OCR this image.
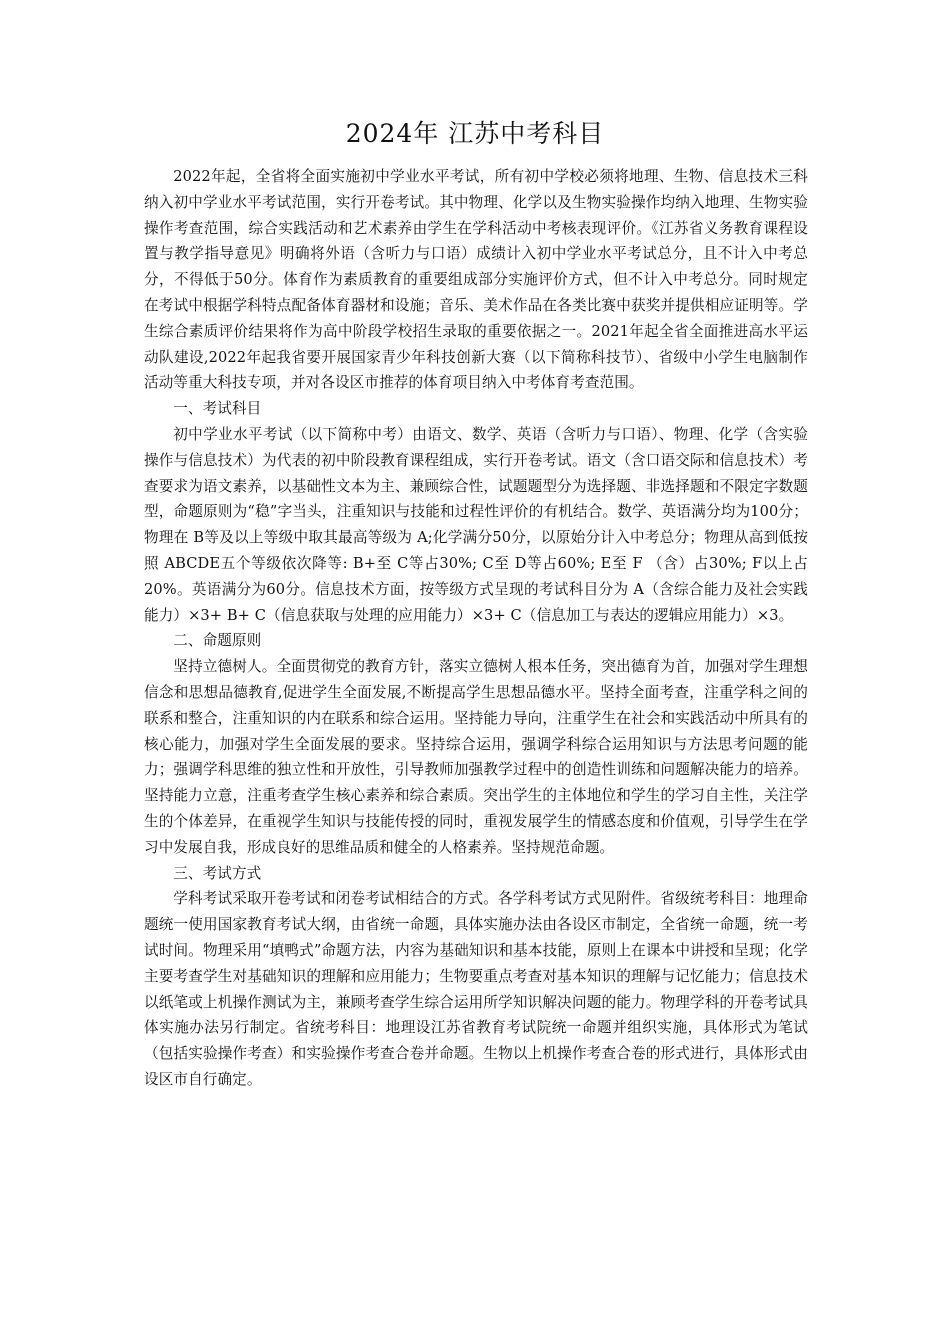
2024年 江苏中考科目

2022年起，全省将全面实施初中学业水平考试，所有初中学校必须将地理、生物、信息技术三科纳入初中学业水平考试范围，实行开卷考试。其中物理、化学以及生物实验操作均纳入地理、生物实验操作考查范围，综合实践活动和艺术素养由学生在学科活动中考核表现评价。《江苏省义务教育课程设置与教学指导意见》明确将外语（含听力与口语）成绩计入初中学业水平考试总分，且不计入中考总分，不得低于50分。体育作为素质教育的重要组成部分实施评价方式，但不计入中考总分。同时规定在考试中根据学科特点配备体育器材和设施；音乐、美术作品在各类比赛中获奖并提供相应证明等。学生综合素质评价结果将作为高中阶段学校招生录取的重要依据之一。2021年起全省全面推进高水平运动队建设,2022年起我省要开展国家青少年科技创新大赛（以下简称科技节）、省级中小学生电脑制作活动等重大科技专项，并对各设区市推荐的体育项目纳入中考体育考查范围。

一、考试科目

初中学业水平考试（以下简称中考）由语文、数学、英语（含听力与口语）、物理、化学（含实验操作与信息技术）为代表的初中阶段教育课程组成，实行开卷考试。语文（含口语交际和信息技术）考查要求为语文素养，以基础性文本为主、兼顾综合性，试题题型分为选择题、非选择题和不限定字数题型，命题原则为“稳”字当头，注重知识与技能和过程性评价的有机结合。数学、英语满分均为100分；物理在 B等及以上等级中取其最高等级为 A;化学满分50分，以原始分计入中考总分；物理从高到低按照 ABCDE五个等级依次降等: B+至 C等占30%; C至 D等占60%; E至 F （含）占30%; F以上占20%。英语满分为60分。信息技术方面，按等级方式呈现的考试科目分为 A（含综合能力及社会实践能力）×3+ B+ C（信息获取与处理的应用能力）×3+ C（信息加工与表达的逻辑应用能力）×3。

二、命题原则

坚持立德树人。全面贯彻党的教育方针，落实立德树人根本任务，突出德育为首，加强对学生理想信念和思想品德教育,促进学生全面发展,不断提高学生思想品德水平。坚持全面考查，注重学科之间的联系和整合，注重知识的内在联系和综合运用。坚持能力导向，注重学生在社会和实践活动中所具有的核心能力，加强对学生全面发展的要求。坚持综合运用，强调学科综合运用知识与方法思考问题的能力；强调学科思维的独立性和开放性，引导教师加强教学过程中的创造性训练和问题解决能力的培养。坚持能力立意，注重考查学生核心素养和综合素质。突出学生的主体地位和学生的学习自主性，关注学生的个体差异，在重视学生知识与技能传授的同时，重视发展学生的情感态度和价值观，引导学生在学习中发展自我，形成良好的思维品质和健全的人格素养。坚持规范命题。

三、考试方式

学科考试采取开卷考试和闭卷考试相结合的方式。各学科考试方式见附件。省级统考科目：地理命题统一使用国家教育考试大纲，由省统一命题，具体实施办法由各设区市制定，全省统一命题，统一考试时间。物理采用“填鸭式”命题方法，内容为基础知识和基本技能，原则上在课本中讲授和呈现；化学主要考查学生对基础知识的理解和应用能力；生物要重点考查对基本知识的理解与记忆能力；信息技术以纸笔或上机操作测试为主，兼顾考查学生综合运用所学知识解决问题的能力。物理学科的开卷考试具体实施办法另行制定。省统考科目：地理设江苏省教育考试院统一命题并组织实施，具体形式为笔试（包括实验操作考查）和实验操作考查合卷并命题。生物以上机操作考查合卷的形式进行，具体形式由设区市自行确定。
